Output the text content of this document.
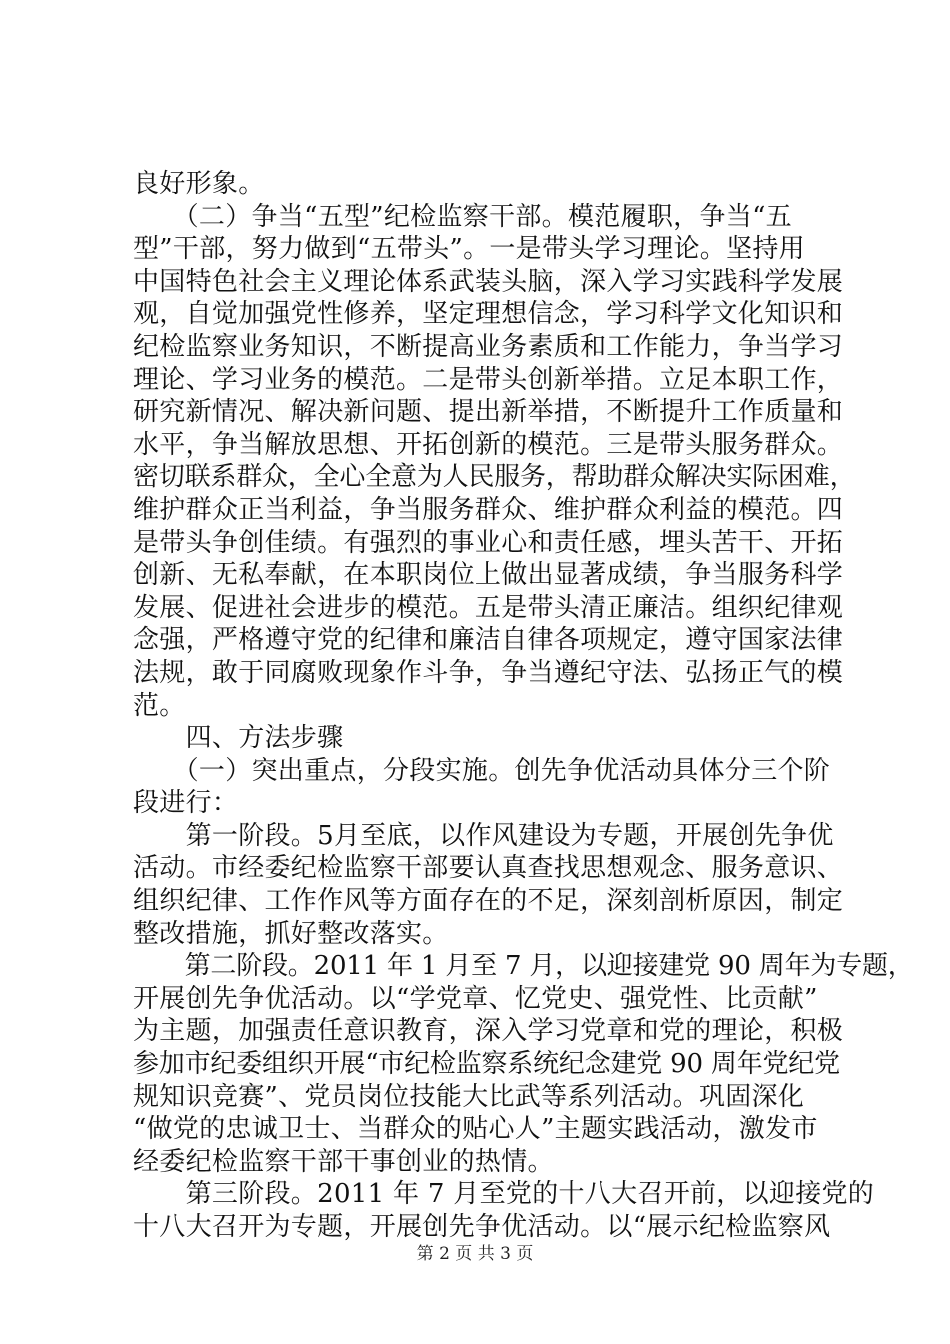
良好形象。
　　（二）争当“五型”纪检监察干部。模范履职，争当“五
型”干部，努力做到“五带头”。一是带头学习理论。坚持用
中国特色社会主义理论体系武装头脑，深入学习实践科学发展
观，自觉加强党性修养，坚定理想信念，学习科学文化知识和
纪检监察业务知识，不断提高业务素质和工作能力，争当学习
理论、学习业务的模范。二是带头创新举措。立足本职工作，
研究新情况、解决新问题、提出新举措，不断提升工作质量和
水平，争当解放思想、开拓创新的模范。三是带头服务群众。
密切联系群众，全心全意为人民服务，帮助群众解决实际困难，
维护群众正当利益，争当服务群众、维护群众利益的模范。四
是带头争创佳绩。有强烈的事业心和责任感，埋头苦干、开拓
创新、无私奉献，在本职岗位上做出显著成绩，争当服务科学
发展、促进社会进步的模范。五是带头清正廉洁。组织纪律观
念强，严格遵守党的纪律和廉洁自律各项规定，遵守国家法律
法规，敢于同腐败现象作斗争，争当遵纪守法、弘扬正气的模
范。
　　四、方法步骤
　　（一）突出重点，分段实施。创先争优活动具体分三个阶
段进行：
　　第一阶段。5月至底，以作风建设为专题，开展创先争优
活动。市经委纪检监察干部要认真查找思想观念、服务意识、
组织纪律、工作作风等方面存在的不足，深刻剖析原因，制定
整改措施，抓好整改落实。
　　第二阶段。2011 年 1 月至 7 月，以迎接建党 90 周年为专题，
开展创先争优活动。以“学党章、忆党史、强党性、比贡献”
为主题，加强责任意识教育，深入学习党章和党的理论，积极
参加市纪委组织开展“市纪检监察系统纪念建党 90 周年党纪党
规知识竞赛”、党员岗位技能大比武等系列活动。巩固深化
“做党的忠诚卫士、当群众的贴心人”主题实践活动，激发市
经委纪检监察干部干事创业的热情。
　　第三阶段。2011 年 7 月至党的十八大召开前，以迎接党的
十八大召开为专题，开展创先争优活动。以“展示纪检监察风
第 2 页 共 3 页
